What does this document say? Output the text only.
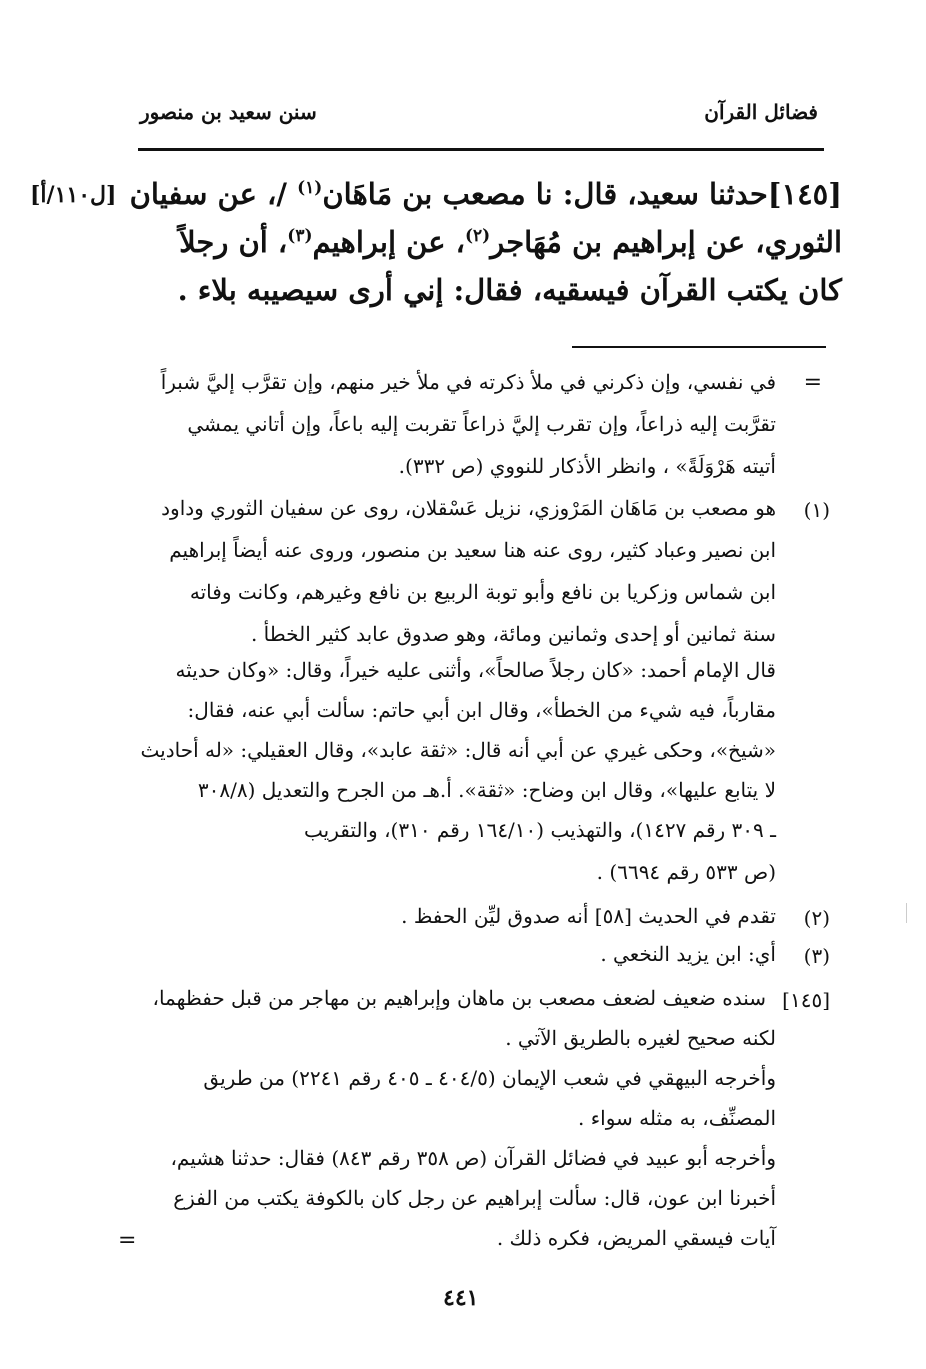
فضائل القرآن
سنن سعيد بن منصور
[ل١١٠/أ]	[١٤٥]حدثنا سعيد، قال: نا مصعب بن مَاهَان$^{(١)}$ /، عن سفيان
الثوري، عن إبراهيم بن مُهَاجر$^{(٢)}$، عن إبراهيم$^{(٣)}$، أن رجلاً
كان يكتب القرآن فيسقيه، فقال: إني أرى سيصيبه بلاء .
=
في نفسي، وإن ذكرني في ملأ ذكرته في ملأ خير منهم، وإن تقرَّب إليَّ شبراً
تقرَّبت إليه ذراعاً، وإن تقرب إليَّ ذراعاً تقربت إليه باعاً، وإن أتاني يمشي
أتيته هَرْوَلَةً» ، وانظر الأذكار للنووي (ص ٣٣٢).
(١)
هو مصعب بن مَاهَان المَرْوزي، نزيل عَسْقلان، روى عن سفيان الثوري وداود
ابن نصير وعباد كثير، روى عنه هنا سعيد بن منصور، وروى عنه أيضاً إبراهيم
ابن شماس وزكريا بن نافع وأبو توبة الربيع بن نافع وغيرهم، وكانت وفاته
سنة ثمانين أو إحدى وثمانين ومائة، وهو صدوق عابد كثير الخطأ .
قال الإمام أحمد: «كان رجلاً صالحاً»، وأثنى عليه خيراً، وقال: «وكان حديثه
مقارباً، فيه شيء من الخطأ»، وقال ابن أبي حاتم: سألت أبي عنه، فقال:
«شيخ»، وحكى غيري عن أبي أنه قال: «ثقة عابد»، وقال العقيلي: «له أحاديث
لا يتابع عليها»، وقال ابن وضاح: «ثقة». أ.هـ من الجرح والتعديل (٣٠٨/٨
ـ ٣٠٩ رقم ١٤٢٧)، والتهذيب (١٦٤/١٠ رقم ٣١٠)، والتقريب
(ص ٥٣٣ رقم ٦٦٩٤) .
(٢)
تقدم في الحديث [٥٨] أنه صدوق ليِّن الحفظ .
(٣)
أي: ابن يزيد النخعي .
[١٤٥]
سنده ضعيف لضعف مصعب بن ماهان وإبراهيم بن مهاجر من قبل حفظهما،
لكنه صحيح لغيره بالطريق الآتي .
وأخرجه البيهقي في شعب الإيمان (٤٠٤/٥ ـ ٤٠٥ رقم ٢٢٤١) من طريق
المصنِّف، به مثله سواء .
وأخرجه أبو عبيد في فضائل القرآن (ص ٣٥٨ رقم ٨٤٣) فقال: حدثنا هشيم،
أخبرنا ابن عون، قال: سألت إبراهيم عن رجل كان بالكوفة يكتب من الفزع
آيات فيسقي المريض، فكره ذلك .
=
٤٤١
